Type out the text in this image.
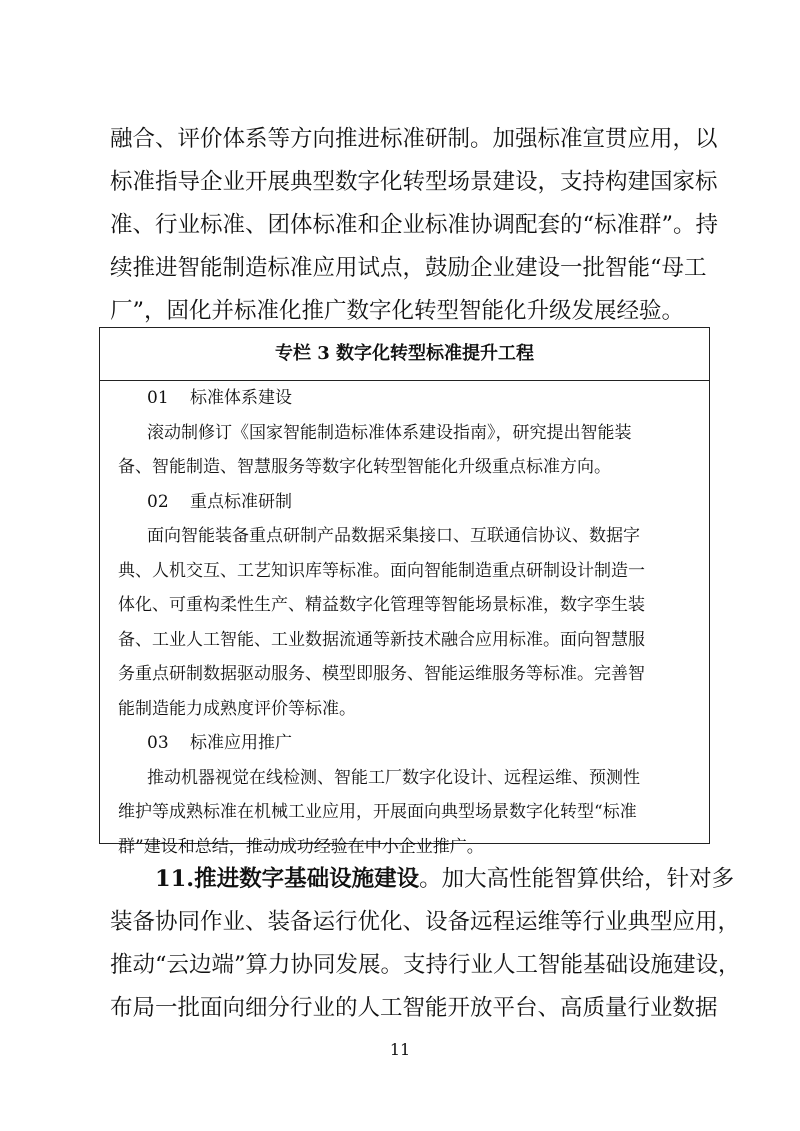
融合、评价体系等方向推进标准研制。加强标准宣贯应用，以
标准指导企业开展典型数字化转型场景建设，支持构建国家标
准、行业标准、团体标准和企业标准协调配套的“标准群”。持
续推进智能制造标准应用试点，鼓励企业建设一批智能“母工
厂”，固化并标准化推广数字化转型智能化升级发展经验。
专栏 3 数字化转型标准提升工程
01 标准体系建设
滚动制修订《国家智能制造标准体系建设指南》，研究提出智能装
备、智能制造、智慧服务等数字化转型智能化升级重点标准方向。
02 重点标准研制
面向智能装备重点研制产品数据采集接口、互联通信协议、数据字
典、人机交互、工艺知识库等标准。面向智能制造重点研制设计制造一
体化、可重构柔性生产、精益数字化管理等智能场景标准，数字孪生装
备、工业人工智能、工业数据流通等新技术融合应用标准。面向智慧服
务重点研制数据驱动服务、模型即服务、智能运维服务等标准。完善智
能制造能力成熟度评价等标准。
03 标准应用推广
推动机器视觉在线检测、智能工厂数字化设计、远程运维、预测性
维护等成熟标准在机械工业应用，开展面向典型场景数字化转型“标准
群”建设和总结，推动成功经验在中小企业推广。
11.推进数字基础设施建设。加大高性能智算供给，针对多
装备协同作业、装备运行优化、设备远程运维等行业典型应用，
推动“云边端”算力协同发展。支持行业人工智能基础设施建设，
布局一批面向细分行业的人工智能开放平台、高质量行业数据
11
